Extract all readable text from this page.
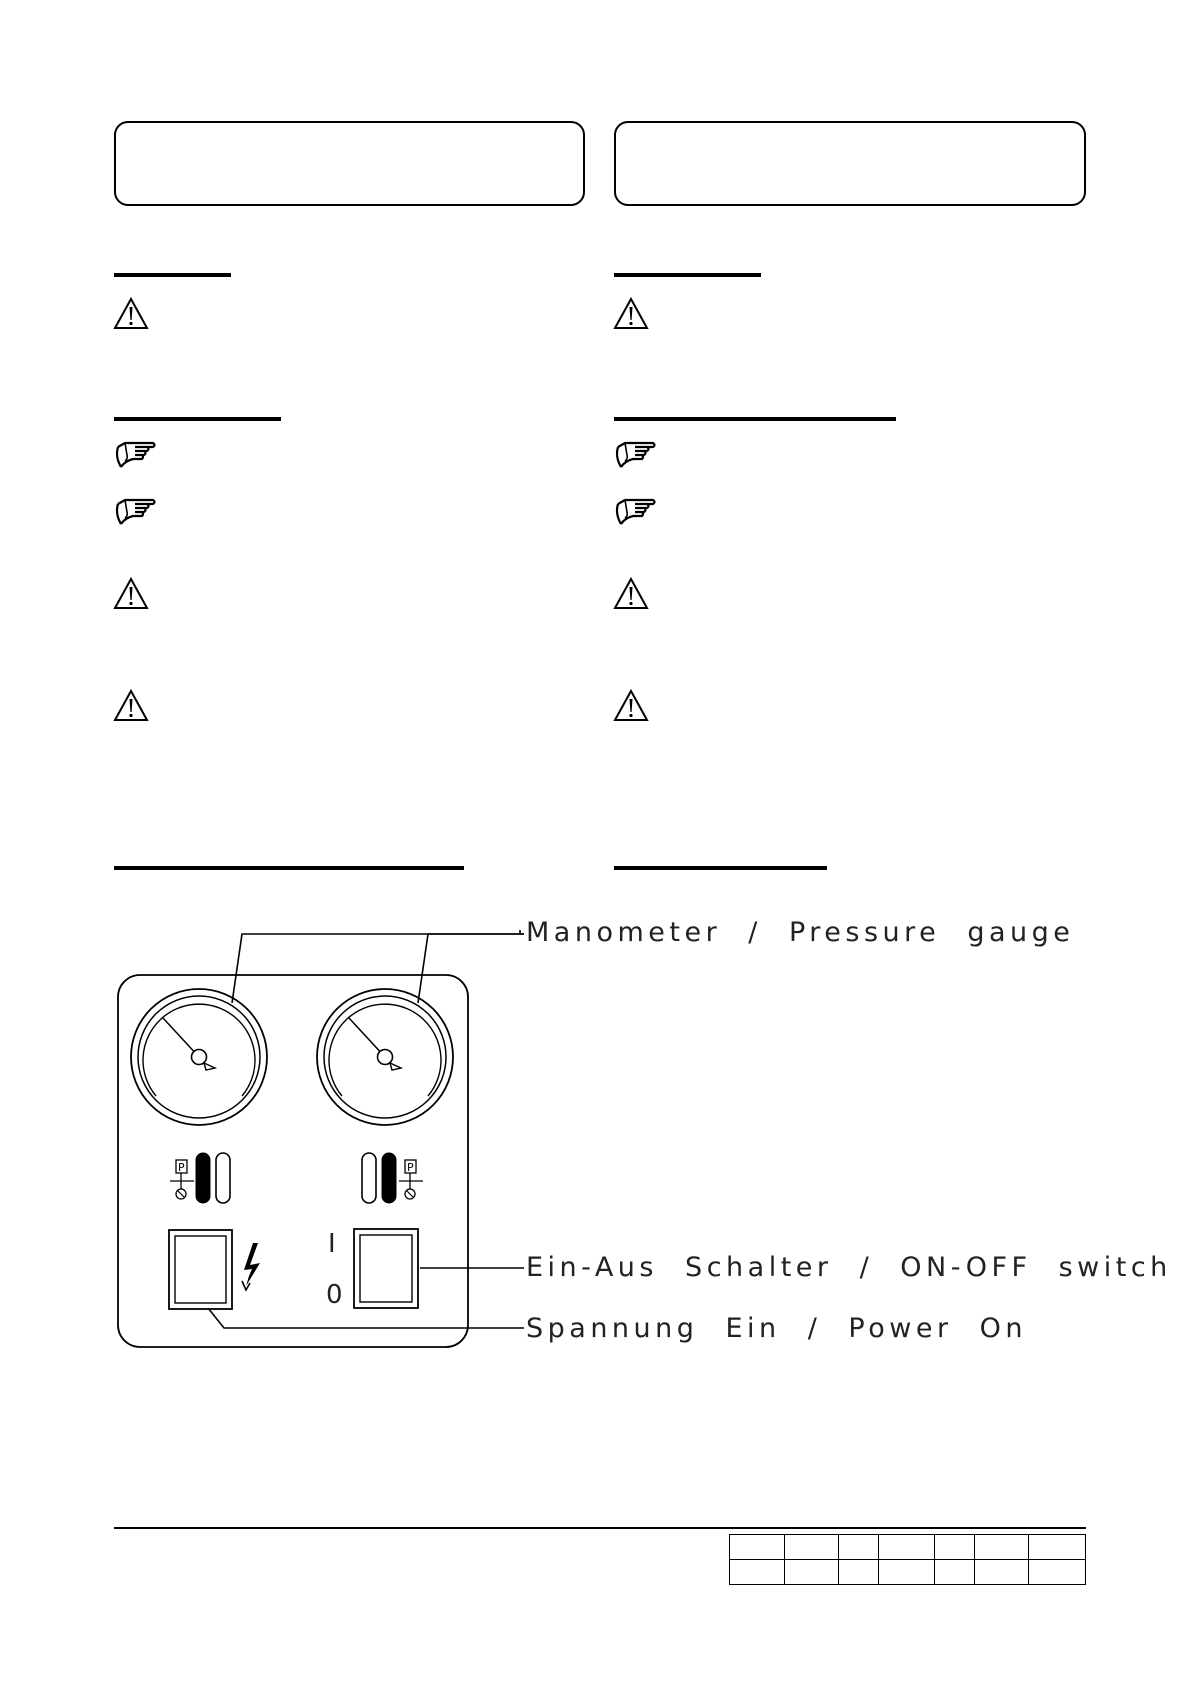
P	P
I
0
Manometer / Pressure gauge
Ein-Aus Schalter / ON-OFF switch
Spannung Ein / Power On
